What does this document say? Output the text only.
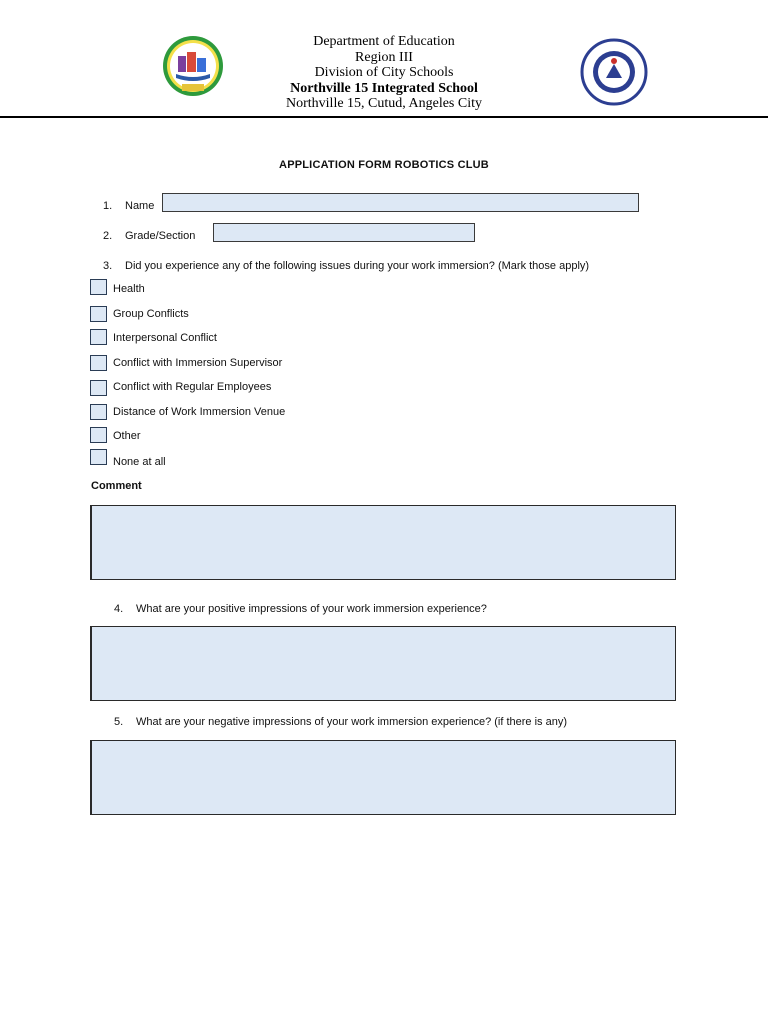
Department of Education
Region III
Division of City Schools
Northville 15 Integrated School
Northville 15, Cutud, Angeles City
APPLICATION FORM ROBOTICS CLUB
1. Name
2. Grade/Section
3. Did you experience any of the following issues during your work immersion? (Mark those apply)
Health
Group Conflicts
Interpersonal Conflict
Conflict with Immersion Supervisor
Conflict with Regular Employees
Distance of Work Immersion Venue
Other
None at all
Comment
4. What are your positive impressions of your work immersion experience?
5. What are your negative impressions of your work immersion experience? (if there is any)
